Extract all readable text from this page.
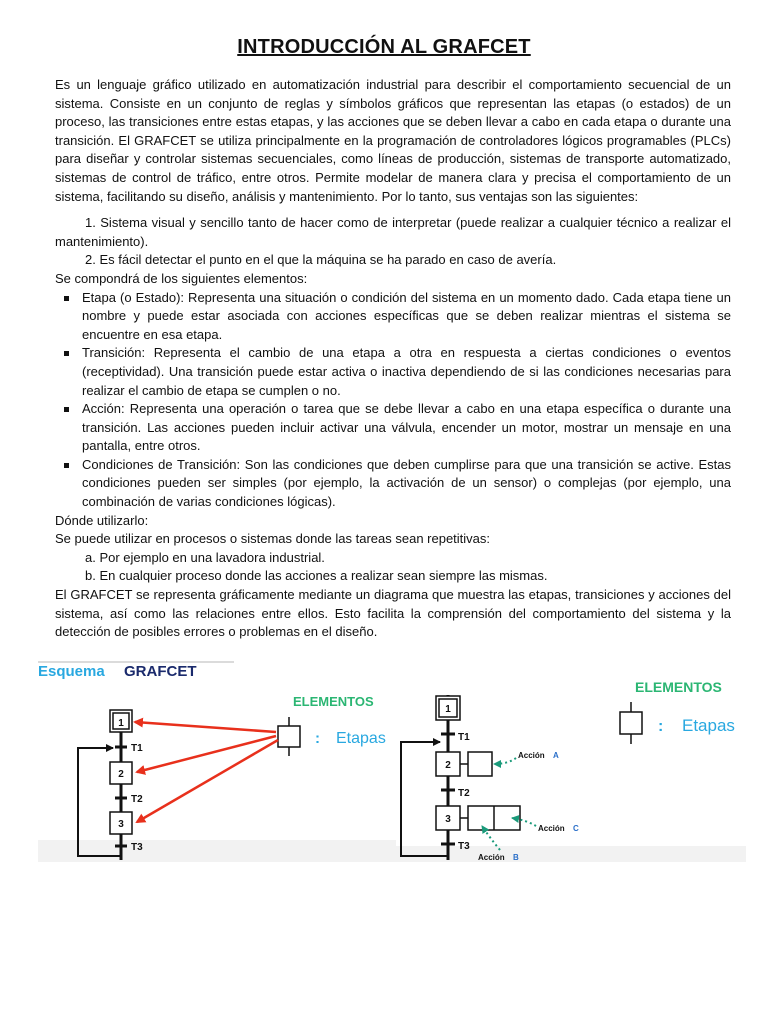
INTRODUCCIÓN AL GRAFCET

Es un lenguaje gráfico utilizado en automatización industrial para describir el comportamiento secuencial de un sistema. Consiste en un conjunto de reglas y símbolos gráficos que representan las etapas (o estados) de un proceso, las transiciones entre estas etapas, y las acciones que se deben llevar a cabo en cada etapa o durante una transición. El GRAFCET se utiliza principalmente en la programación de controladores lógicos programables (PLCs) para diseñar y controlar sistemas secuenciales, como líneas de producción, sistemas de transporte automatizado, sistemas de control de tráfico, entre otros. Permite modelar de manera clara y precisa el comportamiento de un sistema, facilitando su diseño, análisis y mantenimiento. Por lo tanto, sus ventajas son las siguientes:

1. Sistema visual y sencillo tanto de hacer como de interpretar (puede realizar a cualquier técnico a realizar el mantenimiento).
2. Es fácil detectar el punto en el que la máquina se ha parado en caso de avería.

Se compondrá de los siguientes elementos:

Etapa (o Estado): Representa una situación o condición del sistema en un momento dado. Cada etapa tiene un nombre y puede estar asociada con acciones específicas que se deben realizar mientras el sistema se encuentre en esa etapa.
Transición: Representa el cambio de una etapa a otra en respuesta a ciertas condiciones o eventos (receptividad). Una transición puede estar activa o inactiva dependiendo de si las condiciones necesarias para realizar el cambio de etapa se cumplen o no.
Acción: Representa una operación o tarea que se debe llevar a cabo en una etapa específica o durante una transición. Las acciones pueden incluir activar una válvula, encender un motor, mostrar un mensaje en una pantalla, entre otros.
Condiciones de Transición: Son las condiciones que deben cumplirse para que una transición se active. Estas condiciones pueden ser simples (por ejemplo, la activación de un sensor) o complejas (por ejemplo, una combinación de varias condiciones lógicas).

Dónde utilizarlo:

Se puede utilizar en procesos o sistemas donde las tareas sean repetitivas:

a. Por ejemplo en una lavadora industrial.
b. En cualquier proceso donde las acciones a realizar sean siempre las mismas.

El GRAFCET se representa gráficamente mediante un diagrama que muestra las etapas, transiciones y acciones del sistema, así como las relaciones entre ellos. Esto facilita la comprensión del comportamiento del sistema y la detección de posibles errores o problemas en el diseño.

Esquema GRAFCET
1
T1
2
T2
3
T3
ELEMENTOS
: Etapas
1
T1
2
Acción A
T2
3
Acción C
Acción B
T3
ELEMENTOS
: Etapas
